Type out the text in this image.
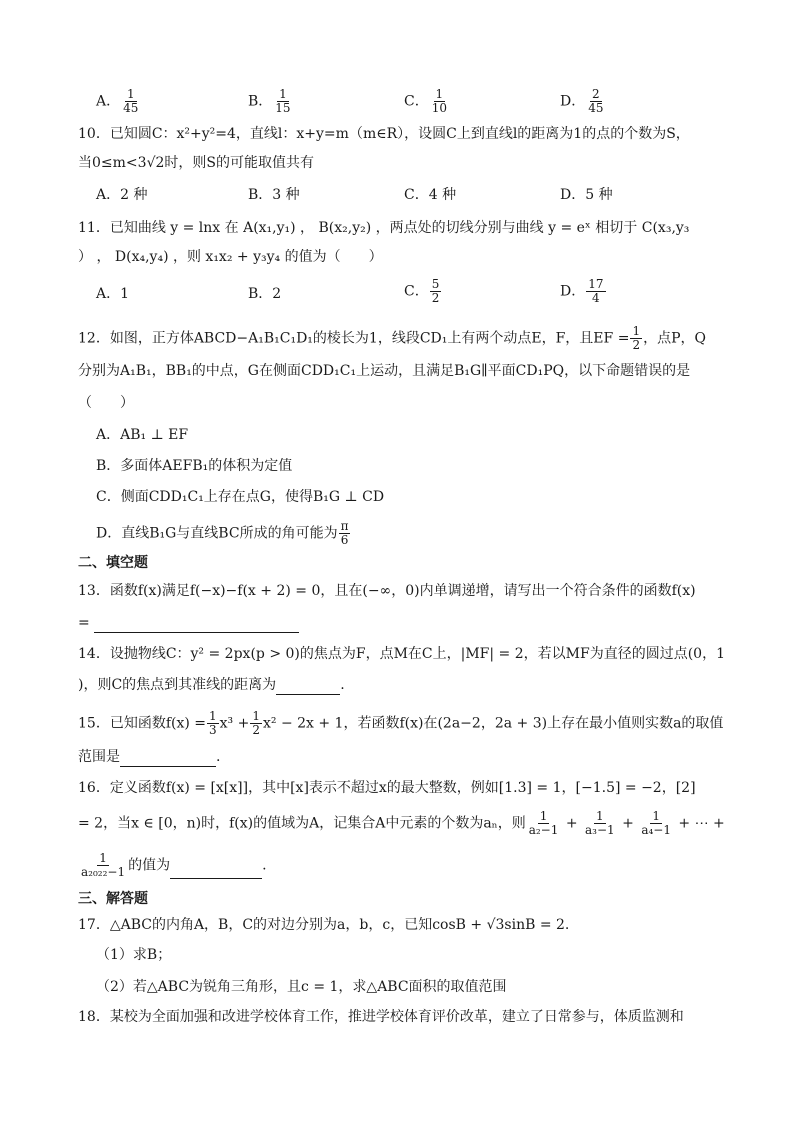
A． $\frac{1}{45}$	B． $\frac{1}{15}$	C． $\frac{1}{10}$	D． $\frac{2}{45}$
10．已知圆C：x²+y²=4，直线l：x+y=m（m∈R），设圆C上到直线l的距离为1的点的个数为S，
当0≤m<3√2时，则S的可能取值共有
A．2 种	B．3 种	C．4 种	D．5 种
11．已知曲线 y = lnx 在 A(x₁,y₁) ， B(x₂,y₂) ，两点处的切线分别与曲线 y = eˣ 相切于 C(x₃,y₃
） ， D(x₄,y₄) ，则 x₁x₂ + y₃y₄ 的值为（　　）
A．1	B．2	C． $\frac{5}{2}$	D． $\frac{17}{4}$
12．如图，正方体ABCD−A₁B₁C₁D₁的棱长为1，线段CD₁上有两个动点E，F，且EF = $\frac{1}{2}$ ，点P，Q
分别为A₁B₁，BB₁的中点，G在侧面CDD₁C₁上运动，且满足B₁G∥平面CD₁PQ，以下命题错误的是
（　　）
A．AB₁ ⊥ EF
B．多面体AEFB₁的体积为定值
C．侧面CDD₁C₁上存在点G，使得B₁G ⊥ CD
D．直线B₁G与直线BC所成的角可能为 $\frac{\pi}{6}$
二、填空题
13．函数f(x)满足f(−x)−f(x + 2) = 0，且在(−∞，0)内单调递增，请写出一个符合条件的函数f(x)
=
14．设抛物线C：y² = 2px(p > 0)的焦点为F，点M在C上，|MF| = 2，若以MF为直径的圆过点(0，1
)，则C的焦点到其准线的距离为	.
15．已知函数$f(x) = \frac{1}{3} x^3 + \frac{1}{2} x^2 - 2x + 1$，若函数f(x)在(2a−2，2a + 3)上存在最小值则实数a的取值
范围是	.
16．定义函数f(x) = [x[x]]，其中[x]表示不超过x的最大整数，例如[1.3] = 1，[−1.5] = −2，[2]
= 2，当x ∈ [0，n)时，f(x)的值域为A，记集合A中元素的个数为aₙ，则 $\frac{1}{\text{a₂−1}} + \frac{1}{\text{a₃−1}} + \frac{1}{\text{a₄−1}}$ + ⋯ +
$\frac{1}{\text{a₂₀₂₂−1}}$ 的值为	.
三、解答题
17．△ABC的内角A，B，C的对边分别为a，b，c，已知cosB + √3sinB = 2.
（1）求B；
（2）若△ABC为锐角三角形，且c = 1，求△ABC面积的取值范围
18．某校为全面加强和改进学校体育工作，推进学校体育评价改革，建立了日常参与，体质监测和
